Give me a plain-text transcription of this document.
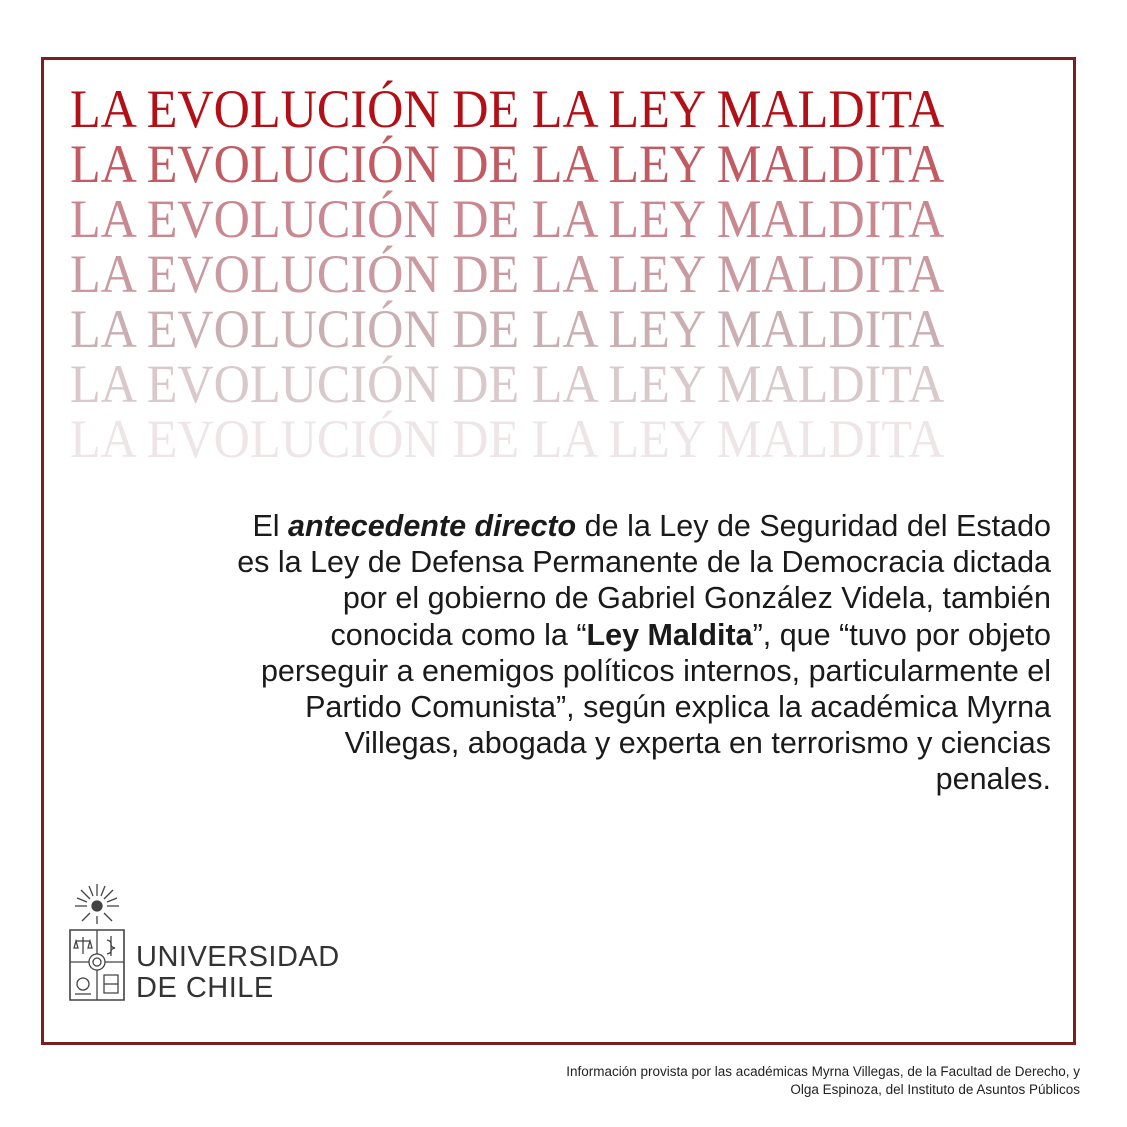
LA EVOLUCIÓN DE LA LEY MALDITA
LA EVOLUCIÓN DE LA LEY MALDITA
LA EVOLUCIÓN DE LA LEY MALDITA
LA EVOLUCIÓN DE LA LEY MALDITA
LA EVOLUCIÓN DE LA LEY MALDITA
LA EVOLUCIÓN DE LA LEY MALDITA
LA EVOLUCIÓN DE LA LEY MALDITA
El antecedente directo de la Ley de Seguridad del Estado es la Ley de Defensa Permanente de la Democracia dictada por el gobierno de Gabriel González Videla, también conocida como la “Ley Maldita”, que “tuvo por objeto perseguir a enemigos políticos internos, particularmente el Partido Comunista”, según explica la académica Myrna Villegas, abogada y experta en terrorismo y ciencias penales.
UNIVERSIDAD
DE CHILE
Información provista por las académicas Myrna Villegas, de la Facultad de Derecho, y
Olga Espinoza, del Instituto de Asuntos Públicos
